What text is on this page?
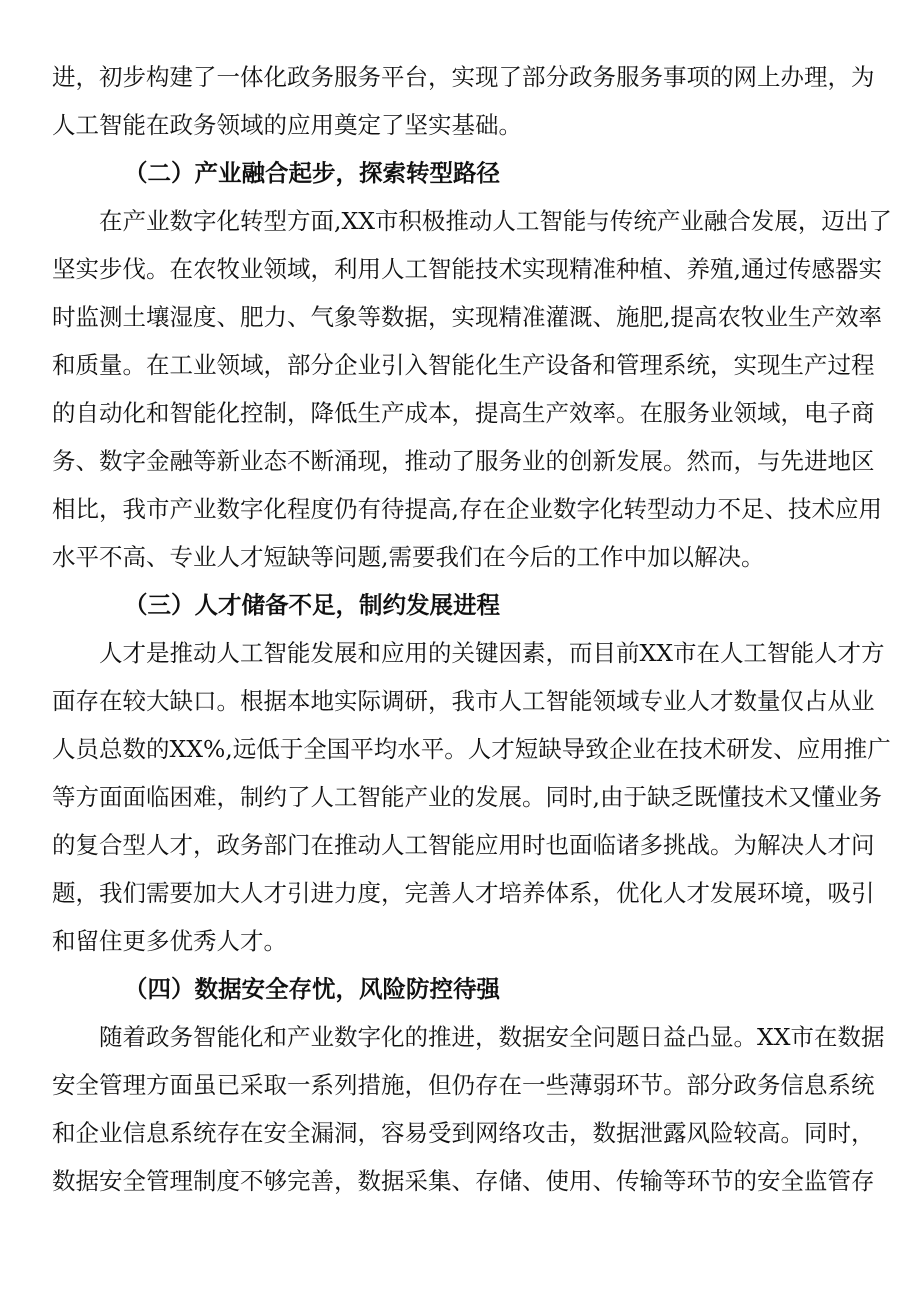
进，初步构建了一体化政务服务平台，实现了部分政务服务事项的网上办理，为
人工智能在政务领域的应用奠定了坚实基础。
（二）产业融合起步，探索转型路径
　　在产业数字化转型方面,XX市积极推动人工智能与传统产业融合发展，迈出了
坚实步伐。在农牧业领域，利用人工智能技术实现精准种植、养殖,通过传感器实
时监测土壤湿度、肥力、气象等数据，实现精准灌溉、施肥,提高农牧业生产效率
和质量。在工业领域，部分企业引入智能化生产设备和管理系统，实现生产过程
的自动化和智能化控制，降低生产成本，提高生产效率。在服务业领域，电子商
务、数字金融等新业态不断涌现，推动了服务业的创新发展。然而，与先进地区
相比，我市产业数字化程度仍有待提高,存在企业数字化转型动力不足、技术应用
水平不高、专业人才短缺等问题,需要我们在今后的工作中加以解决。
（三）人才储备不足，制约发展进程
　　人才是推动人工智能发展和应用的关键因素，而目前XX市在人工智能人才方
面存在较大缺口。根据本地实际调研，我市人工智能领域专业人才数量仅占从业
人员总数的XX%,远低于全国平均水平。人才短缺导致企业在技术研发、应用推广
等方面面临困难，制约了人工智能产业的发展。同时,由于缺乏既懂技术又懂业务
的复合型人才，政务部门在推动人工智能应用时也面临诸多挑战。为解决人才问
题，我们需要加大人才引进力度，完善人才培养体系，优化人才发展环境，吸引
和留住更多优秀人才。
（四）数据安全存忧，风险防控待强
　　随着政务智能化和产业数字化的推进，数据安全问题日益凸显。XX市在数据
安全管理方面虽已采取一系列措施，但仍存在一些薄弱环节。部分政务信息系统
和企业信息系统存在安全漏洞，容易受到网络攻击，数据泄露风险较高。同时，
数据安全管理制度不够完善，数据采集、存储、使用、传输等环节的安全监管存
